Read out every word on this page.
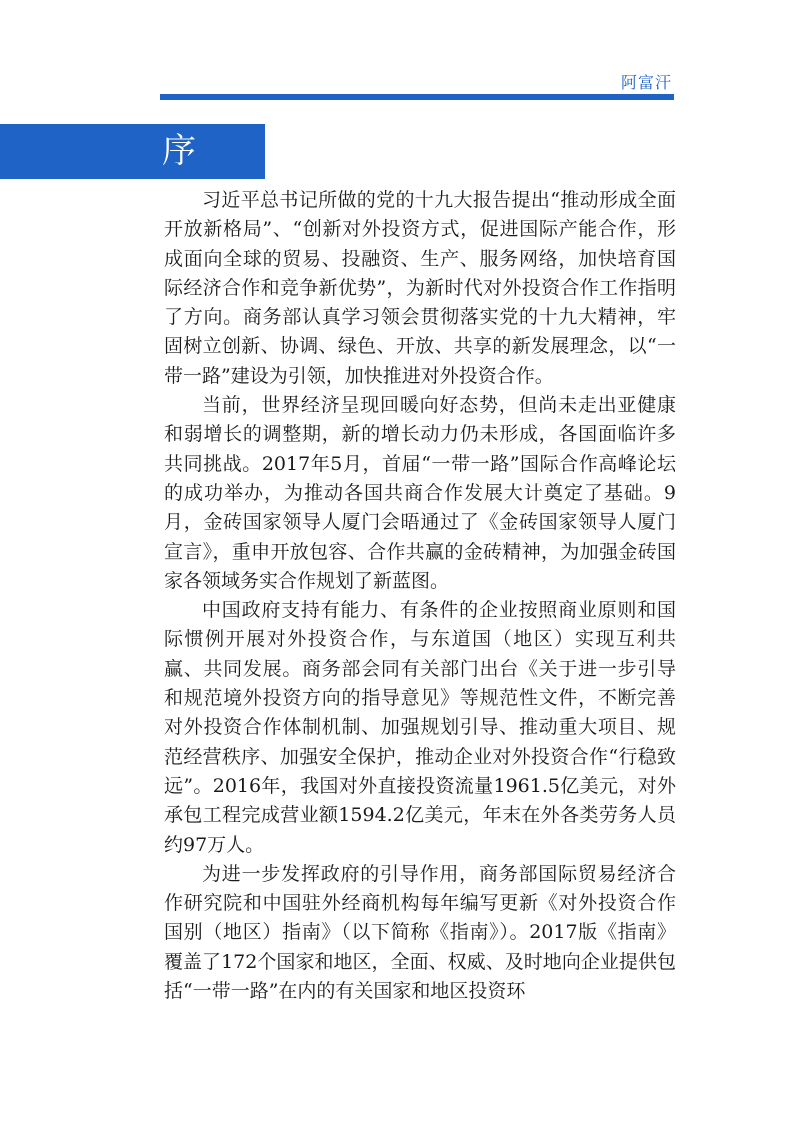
阿富汗
序

习近平总书记所做的党的十九大报告提出“推动形成全面开放新格局”、“创新对外投资方式，促进国际产能合作，形成面向全球的贸易、投融资、生产、服务网络，加快培育国际经济合作和竞争新优势”，为新时代对外投资合作工作指明了方向。商务部认真学习领会贯彻落实党的十九大精神，牢固树立创新、协调、绿色、开放、共享的新发展理念，以“一带一路”建设为引领，加快推进对外投资合作。

当前，世界经济呈现回暖向好态势，但尚未走出亚健康和弱增长的调整期，新的增长动力仍未形成，各国面临许多共同挑战。2017年5月，首届“一带一路”国际合作高峰论坛的成功举办，为推动各国共商合作发展大计奠定了基础。9月，金砖国家领导人厦门会晤通过了《金砖国家领导人厦门宣言》，重申开放包容、合作共赢的金砖精神，为加强金砖国家各领域务实合作规划了新蓝图。

中国政府支持有能力、有条件的企业按照商业原则和国际惯例开展对外投资合作，与东道国（地区）实现互利共赢、共同发展。商务部会同有关部门出台《关于进一步引导和规范境外投资方向的指导意见》等规范性文件，不断完善对外投资合作体制机制、加强规划引导、推动重大项目、规范经营秩序、加强安全保护，推动企业对外投资合作“行稳致远”。2016年，我国对外直接投资流量1961.5亿美元，对外承包工程完成营业额1594.2亿美元，年末在外各类劳务人员约97万人。

为进一步发挥政府的引导作用，商务部国际贸易经济合作研究院和中国驻外经商机构每年编写更新《对外投资合作国别（地区）指南》（以下简称《指南》）。2017版《指南》覆盖了172个国家和地区，全面、权威、及时地向企业提供包括“一带一路”在内的有关国家和地区投资环
